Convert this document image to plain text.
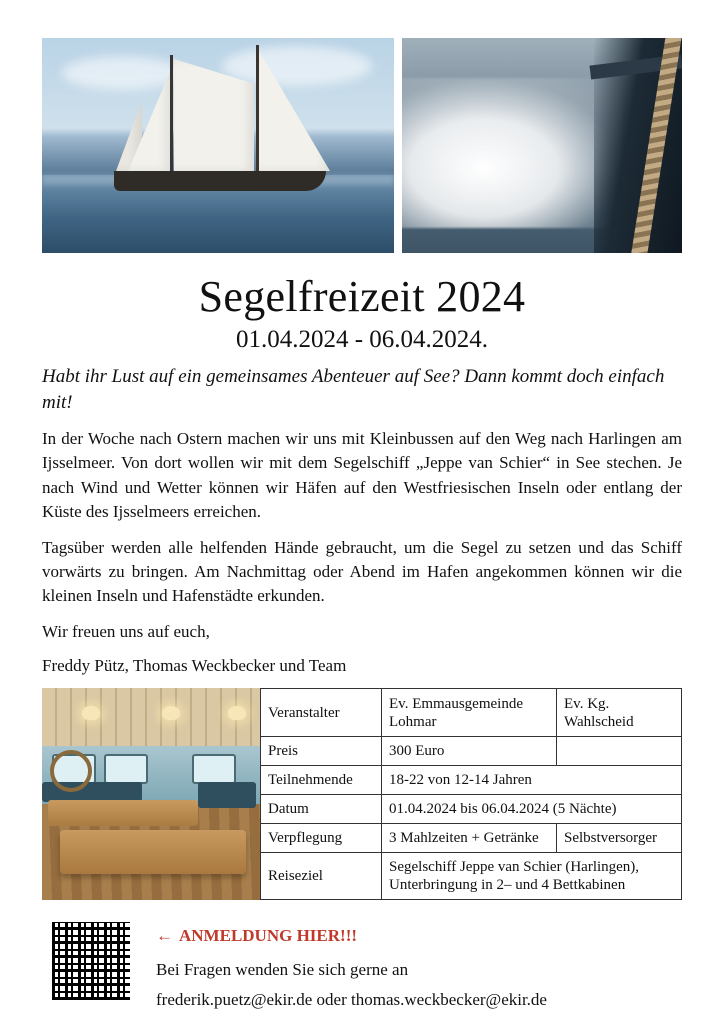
Segelfreizeit 2024
01.04.2024 - 06.04.2024.
Habt ihr Lust auf ein gemeinsames Abenteuer auf See? Dann kommt doch einfach mit!

In der Woche nach Ostern machen wir uns mit Kleinbussen auf den Weg nach Harlingen am Ijsselmeer. Von dort wollen wir mit dem Segelschiff „Jeppe van Schier“ in See stechen. Je nach Wind und Wetter können wir Häfen auf den Westfriesischen Inseln oder entlang der Küste des Ijsselmeers erreichen.

Tagsüber werden alle helfenden Hände gebraucht, um die Segel zu setzen und das Schiff vorwärts zu bringen. Am Nachmittag oder Abend im Hafen angekommen können wir die kleinen Inseln und Hafenstädte erkunden.

Wir freuen uns auf euch,

Freddy Pütz, Thomas Weckbecker und Team

Veranstalter	Ev. Emmausgemeinde Lohmar	Ev. Kg. Wahlscheid
Preis	300 Euro	
Teilnehmende	18-22 von 12-14 Jahren	
Datum	01.04.2024 bis 06.04.2024 (5 Nächte)	
Verpflegung	3 Mahlzeiten + Getränke	Selbstversorger
Reiseziel	Segelschiff Jeppe van Schier (Harlingen), Unterbringung in 2– und 4 Bettkabinen	
← ANMELDUNG HIER!!!

Bei Fragen wenden Sie sich gerne an

frederik.puetz@ekir.de oder thomas.weckbecker@ekir.de
